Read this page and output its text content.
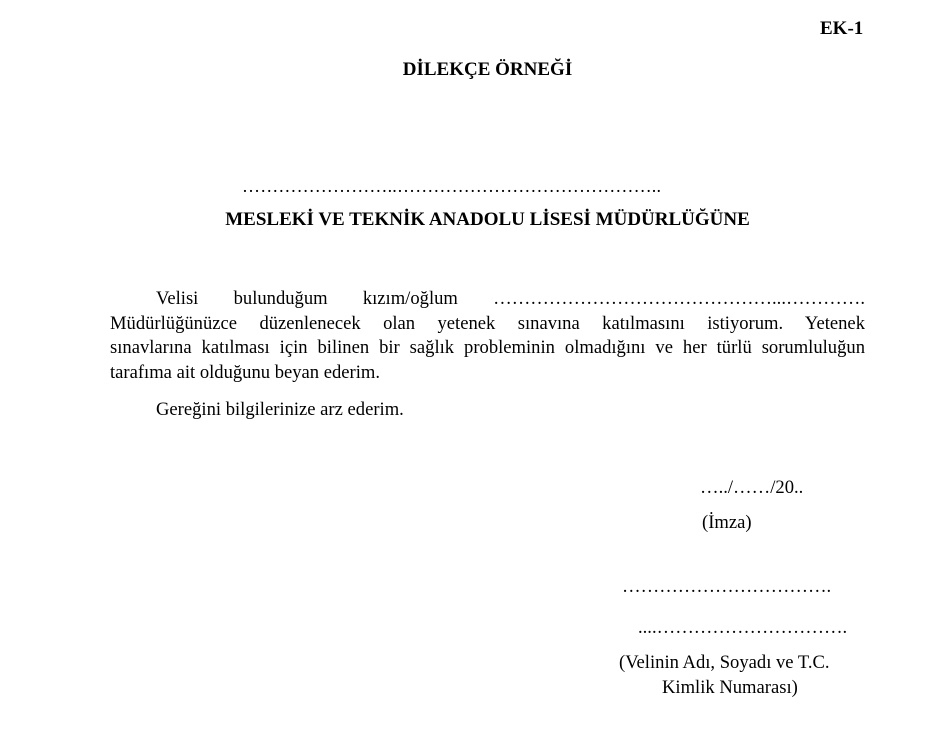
EK-1
DİLEKÇE ÖRNEĞİ
……………………..……………………………………..
MESLEKİ VE TEKNİK ANADOLU LİSESİ MÜDÜRLÜĞÜNE
Velisi bulunduğum kızım/oğlum ………………………………………...………….
Müdürlüğünüzce düzenlenecek olan yetenek sınavına katılmasını istiyorum. Yetenek
sınavlarına katılması için bilinen bir sağlık probleminin olmadığını ve her türlü sorumluluğun
tarafıma ait olduğunu beyan ederim.
Gereğini bilgilerinize arz ederim.
…../……/20..
(İmza)
…………………………….
....………………………….
(Velinin Adı, Soyadı ve T.C.
Kimlik Numarası)
